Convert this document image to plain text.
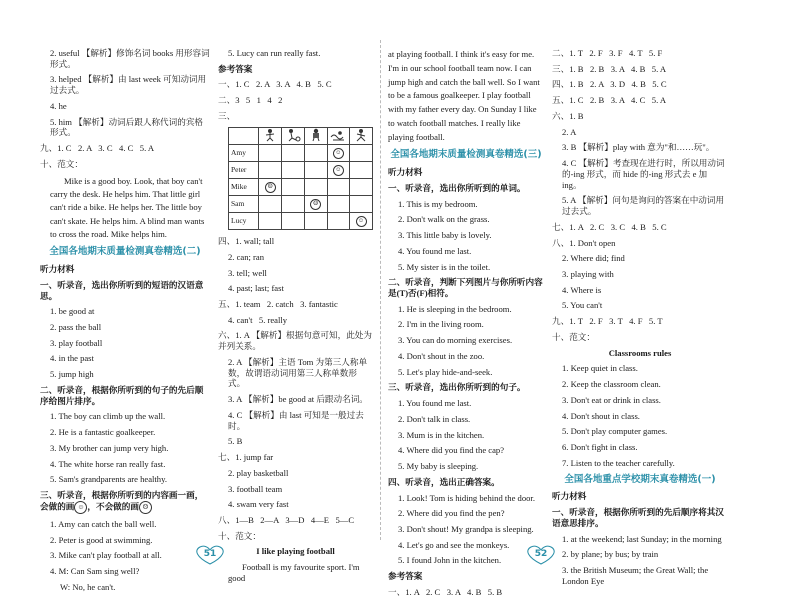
2. useful 【解析】修饰名词 books 用形容词形式。

3. helped 【解析】由 last week 可知动词用过去式。

4. he

5. him 【解析】动词后跟人称代词的宾格形式。

九、1. C   2. A   3. C   4. C   5. A

十、范文：

Mike is a good boy. Look, that boy can't carry the desk. He helps him. That little girl can't ride a bike. He helps her. The little boy can't skate. He helps him. A blind man wants to cross the road. Mike helps him.

全国各地期末质量检测真卷精选(二)

听力材料

一、听录音，选出你所听到的短语的汉语意思。

1. be good at

2. pass the ball

3. play football

4. in the past

5. jump high

二、听录音，根据你所听到的句子的先后顺序给图片排序。

1. The boy can climb up the wall.

2. He is a fantastic goalkeeper.

3. My brother can jump very high.

4. The white horse ran really fast.

5. Sam's grandparents are healthy.

三、听录音，根据你所听到的内容画一画，会做的画 ☺ ，不会做的画 ☹

1. Amy can catch the ball well.

2. Peter is good at swimming.

3. Mike can't play football at all.

4. M: Can Sam sing well?

W: No, he can't.

5. Lucy can run really fast.

参考答案

一、1. C   2. A   3. A   4. B   5. C

二、3   5   1   4   2

三、

Amy				☺	
Peter				☺	
Mike	☹				
Sam			☹		
Lucy					☺

四、1. wall; tall

2. can; ran

3. tell; well

4. past; last; fast

五、1. team   2. catch   3. fantastic

4. can't   5. really

六、1. A 【解析】根据句意可知，此处为并列关系。

2. A 【解析】主语 Tom 为第三人称单数，故谓语动词用第三人称单数形式。

3. A 【解析】be good at 后跟动名词。

4. C 【解析】由 last 可知是一般过去时。

5. B

七、1. jump far

2. play basketball

3. football team

4. swam very fast

八、1—B   2—A   3—D   4—E   5—C

十、范文：

I like playing football

Football is my favourite sport. I'm good

at playing football. I think it's easy for me. I'm in our school football team now. I can jump high and catch the ball well. So I want to be a famous goalkeeper. I play football with my father every day. On Sunday I like to watch football matches. I really like playing football.

全国各地期末质量检测真卷精选(三)

听力材料

一、听录音，选出你所听到的单词。

1. This is my bedroom.

2. Don't walk on the grass.

3. This little baby is lovely.

4. You found me last.

5. My sister is in the toilet.

二、听录音，判断下列图片与你所听内容是(T)否(F)相符。

1. He is sleeping in the bedroom.

2. I'm in the living room.

3. You can do morning exercises.

4. Don't shout in the zoo.

5. Let's play hide-and-seek.

三、听录音，选出你所听到的句子。

1. You found me last.

2. Don't talk in class.

3. Mum is in the kitchen.

4. Where did you find the cap?

5. My baby is sleeping.

四、听录音，选出正确答案。

1. Look! Tom is hiding behind the door.

2. Where did you find the pen?

3. Don't shout! My grandpa is sleeping.

4. Let's go and see the monkeys.

5. I found John in the kitchen.

参考答案

一、1. A   2. C   3. A   4. B   5. B

二、1. T   2. F   3. F   4. T   5. F

三、1. B   2. B   3. A   4. B   5. A

四、1. B   2. A   3. D   4. B   5. C

五、1. C   2. B   3. A   4. C   5. A

六、1. B

2. A

3. B 【解析】play with 意为"和……玩"。

4. C 【解析】考查现在进行时，所以用动词的-ing 形式，而 hide 的-ing 形式去 e 加 ing。

5. A 【解析】问句是询问的答案在中动词用过去式。

七、1. A   2. C   3. C   4. B   5. C

八、1. Don't open

2. Where did; find

3. playing with

4. Where is

5. You can't

九、1. T   2. F   3. T   4. F   5. T

十、范文：

Classrooms rules

1. Keep quiet in class.

2. Keep the classroom clean.

3. Don't eat or drink in class.

4. Don't shout in class.

5. Don't play computer games.

6. Don't fight in class.

7. Listen to the teacher carefully.

全国各地重点学校期末真卷精选(一)

听力材料

一、听录音，根据你所听到的先后顺序将其汉语意思排序。

1. at the weekend; last Sunday; in the morning

2. by plane; by bus; by train

3. the British Museum; the Great Wall; the London Eye

51	52
